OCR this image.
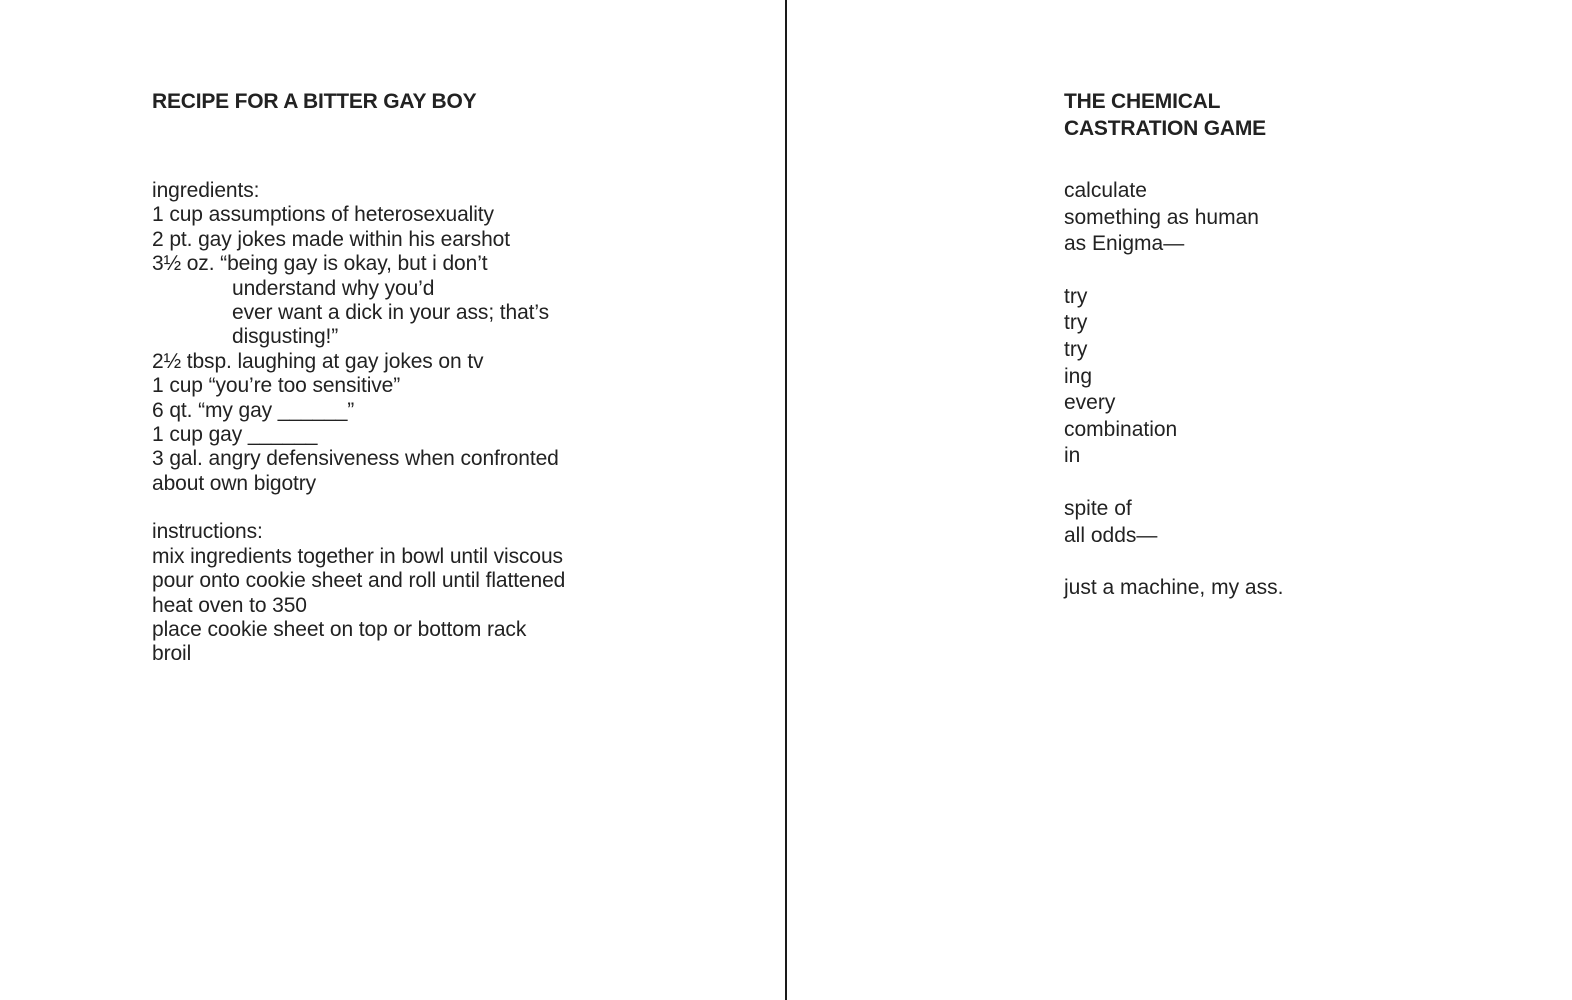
RECIPE FOR A BITTER GAY BOY
ingredients:
1 cup assumptions of heterosexuality
2 pt. gay jokes made within his earshot
3½ oz. “being gay is okay, but i don’t
understand why you’d
ever want a dick in your ass; that’s
disgusting!”
2½ tbsp. laughing at gay jokes on tv
1 cup “you’re too sensitive”
6 qt. “my gay ______”
1 cup gay ______
3 gal. angry defensiveness when confronted
about own bigotry
instructions:
mix ingredients together in bowl until viscous
pour onto cookie sheet and roll until flattened
heat oven to 350
place cookie sheet on top or bottom rack
broil
THE CHEMICAL
CASTRATION GAME
calculate
something as human
as Enigma—
try
try
try
ing
every
combination
in
spite of
all odds—
just a machine, my ass.
